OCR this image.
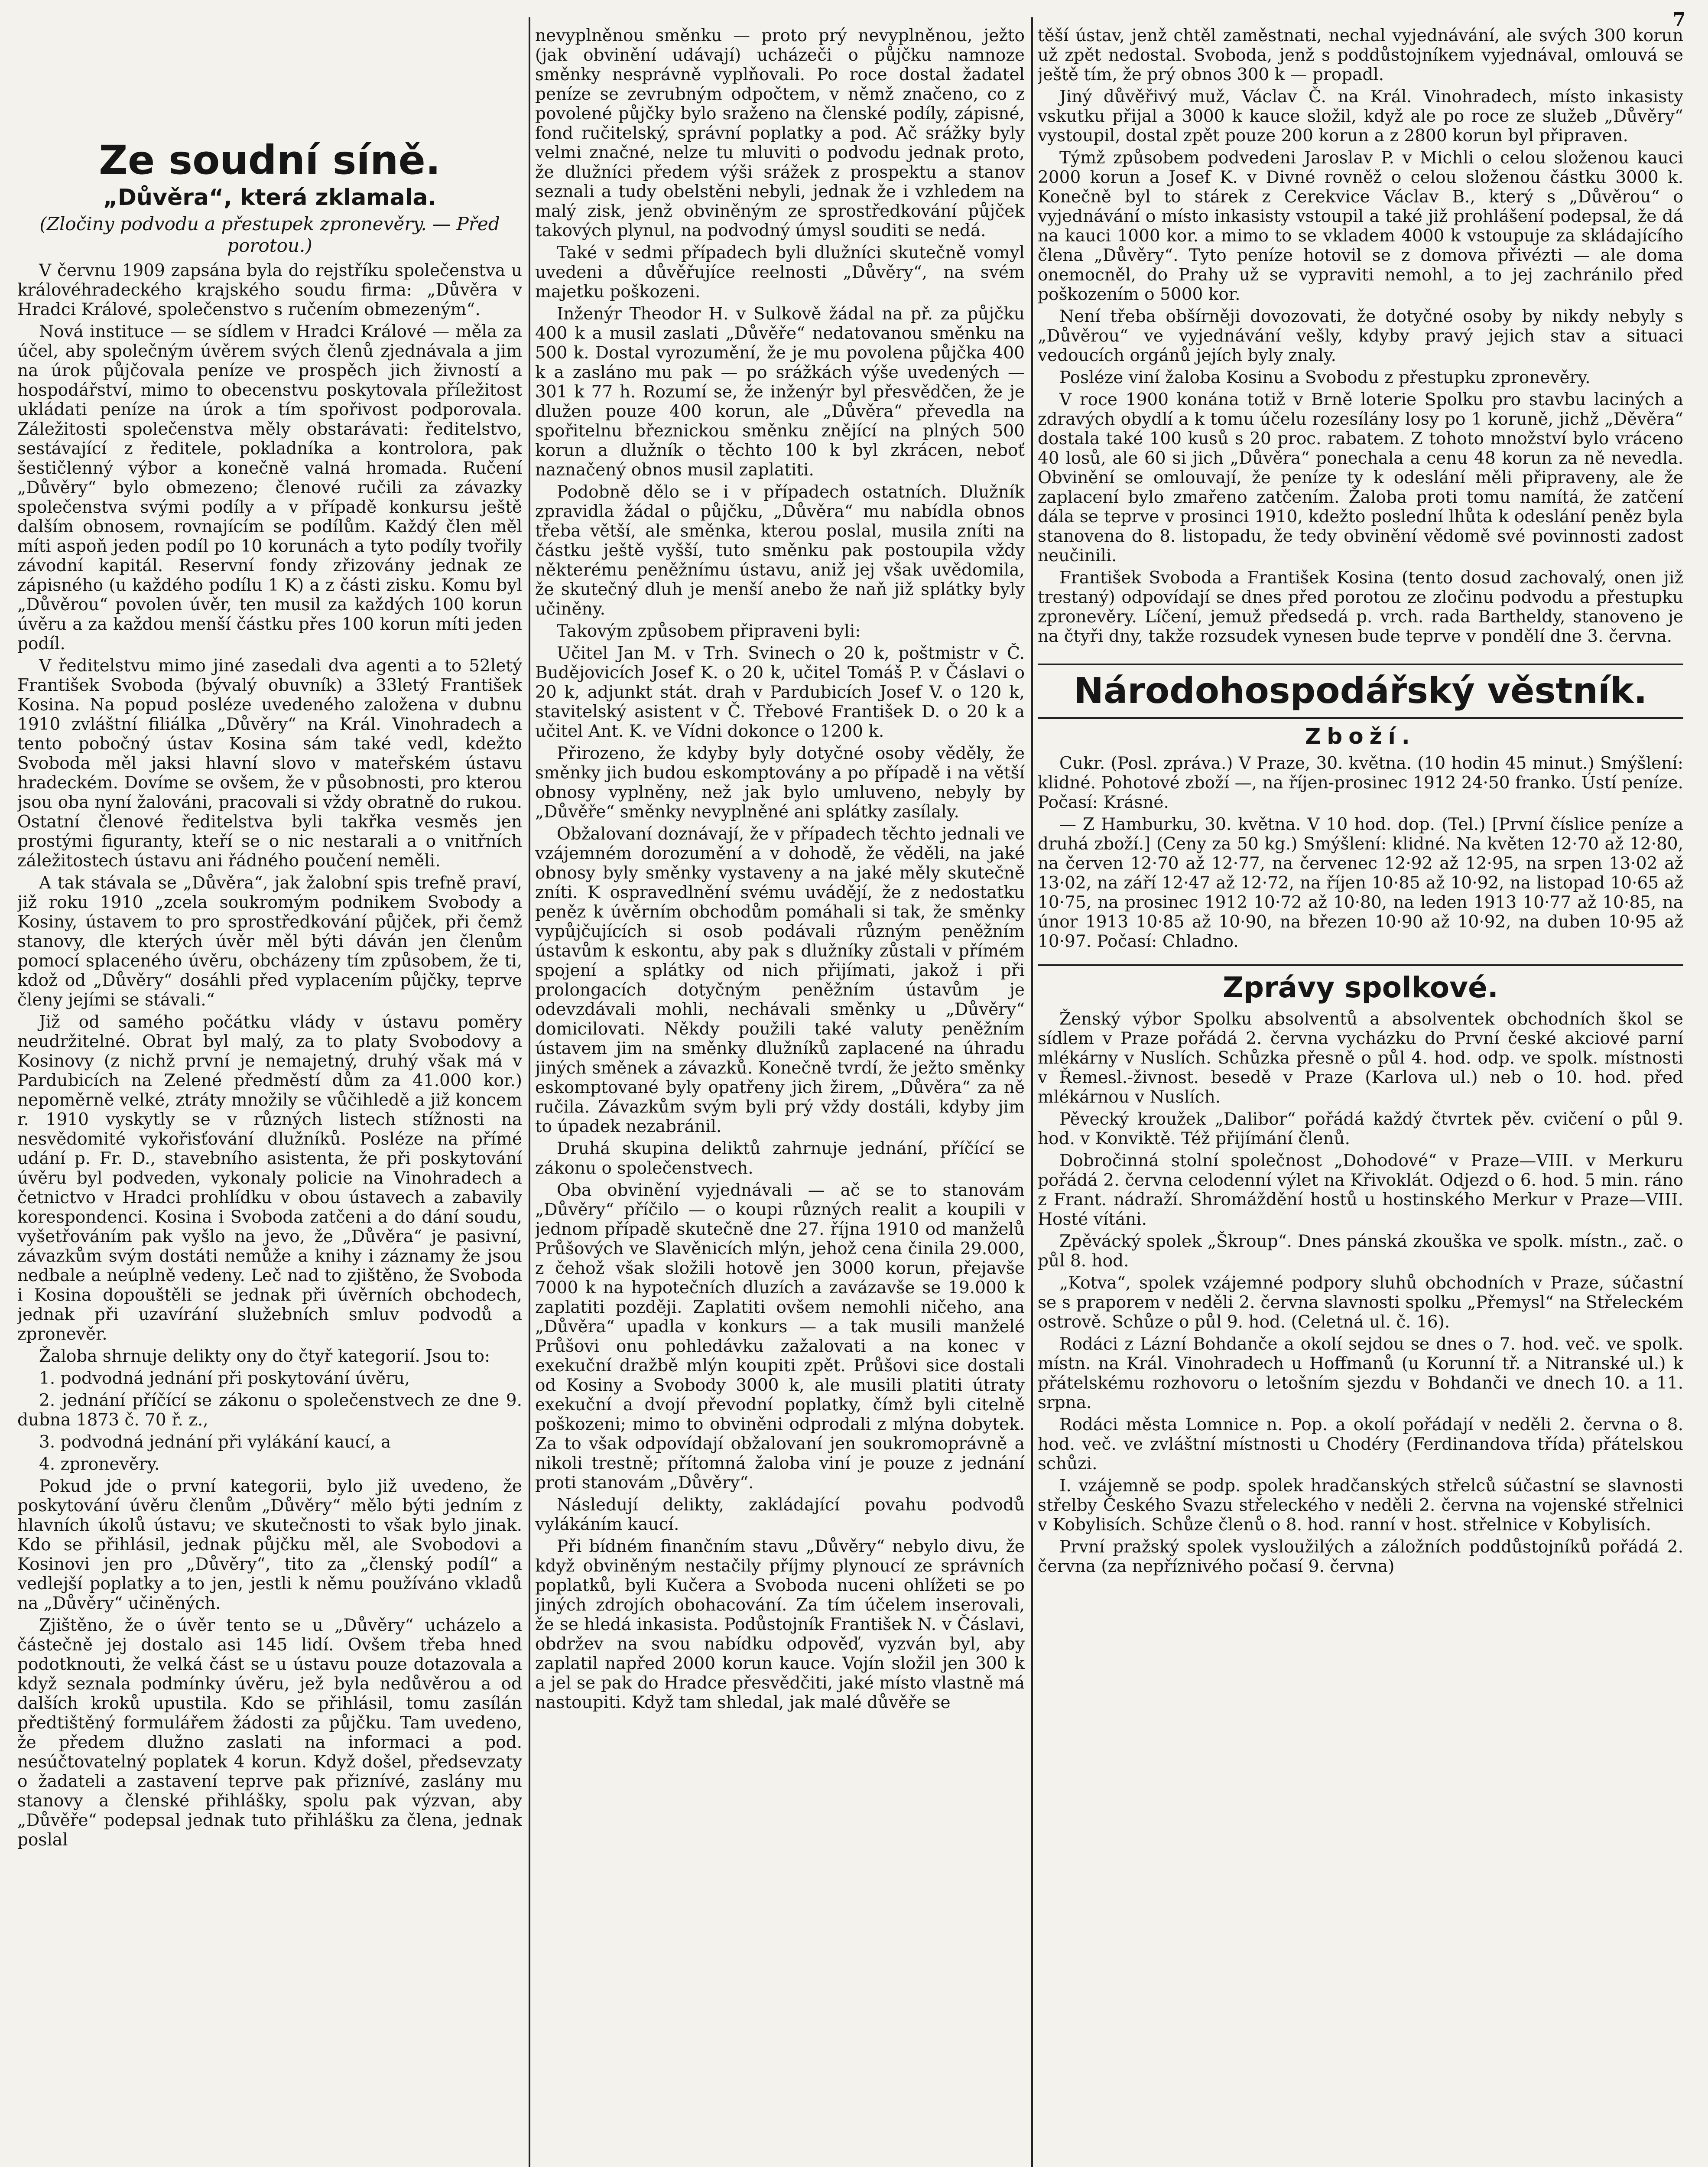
7
Ze soudní síně.
„Důvěra“, která zklamala.
(Zločiny podvodu a přestupek zpronevěry. — Před porotou.)

V červnu 1909 zapsána byla do rejstříku společenstva u královéhradeckého krajského soudu firma: „Důvěra v Hradci Králové, společenstvo s ručením obmezeným“.

Nová instituce — se sídlem v Hradci Králové — měla za účel, aby společným úvěrem svých členů zjednávala a jim na úrok půjčovala peníze ve prospěch jich živností a hospodářství, mimo to obecenstvu poskytovala příležitost ukládati peníze na úrok a tím spořivost podporovala. Záležitosti společenstva měly obstarávati: ředitelstvo, sestávající z ředitele, pokladníka a kontrolora, pak šestičlenný výbor a konečně valná hromada. Ručení „Důvěry“ bylo obmezeno; členové ručili za závazky společenstva svými podíly a v případě konkursu ještě dalším obnosem, rovnajícím se podílům. Každý člen měl míti aspoň jeden podíl po 10 korunách a tyto podíly tvořily závodní kapitál. Reservní fondy zřizovány jednak ze zápisného (u každého podílu 1 K) a z části zisku. Komu byl „Důvěrou“ povolen úvěr, ten musil za každých 100 korun úvěru a za každou menší částku přes 100 korun míti jeden podíl.

V ředitelstvu mimo jiné zasedali dva agenti a to 52letý František Svoboda (bývalý obuvník) a 33letý František Kosina. Na popud posléze uvedeného založena v dubnu 1910 zvláštní filiálka „Důvěry“ na Král. Vinohradech a tento pobočný ústav Kosina sám také vedl, kdežto Svoboda měl jaksi hlavní slovo v mateřském ústavu hradeckém. Dovímе se ovšem, že v působnosti, pro kterou jsou oba nyní žalováni, pracovali si vždy obratně do rukou. Ostatní členové ředitelstva byli takřka vesměs jen prostými figuranty, kteří se o nic nestarali a o vnitřních záležitostech ústavu ani řádného poučení neměli.

A tak stávala se „Důvěra“, jak žalobní spis trefně praví, již roku 1910 „zcela soukromým podnikem Svobody a Kosiny, ústavem to pro sprostředkování půjček, při čemž stanovy, dle kterých úvěr měl býti dáván jen členům pomocí splaceného úvěru, obcházeny tím způsobem, že ti, kdož od „Důvěry“ dosáhli před vyplacením půjčky, teprve členy jejími se stávali.“

Již od samého počátku vlády v ústavu poměry neudržitelné. Obrat byl malý, za to platy Svobodovy a Kosinovy (z nichž první je nemajetný, druhý však má v Pardubicích na Zelené předměstí dům za 41.000 kor.) nepoměrně velké, ztráty množily se vůčihledě a již koncem r. 1910 vyskytly se v různých listech stížnosti na nesvědomité vykořisťování dlužníků. Posléze na přímé udání p. Fr. D., stavebního asistenta, že při poskytování úvěru byl podveden, vykonaly policie na Vinohradech a četnictvo v Hradci prohlídku v obou ústavech a zabavily korespondenci. Kosina i Svoboda zatčeni a do dání soudu, vyšetřováním pak vyšlo na jevo, že „Důvěra“ je pasivní, závazkům svým dostáti nemůže a knihy i záznamy že jsou nedbale a neúplně vedeny. Leč nad to zjištěno, že Svoboda i Kosina dopouštěli se jednak při úvěrních obchodech, jednak při uzavírání služebních smluv podvodů a zpronevěr.

Žaloba shrnuje delikty ony do čtyř kategorií. Jsou to:

1. podvodná jednání při poskytování úvěru,

2. jednání příčící se zákonu o společenstvech ze dne 9. dubna 1873 č. 70 ř. z.,

3. podvodná jednání při vylákání kaucí, a

4. zpronevěry.

Pokud jde o první kategorii, bylo již uvedeno, že poskytování úvěru členům „Důvěry“ mělo býti jedním z hlavních úkolů ústavu; ve skutečnosti to však bylo jinak. Kdo se přihlásil, jednak půjčku měl, ale Svobodovi a Kosinovi jen pro „Důvěry“, tito za „členský podíl“ a vedlejší poplatky a to jen, jestli k němu používáno vkladů na „Důvěry“ učiněných.

Zjištěno, že o úvěr tento se u „Důvěry“ ucházelo a částečně jej dostalo asi 145 lidí. Ovšem třeba hned podotknouti, že velká část se u ústavu pouze dotazovala a když seznala podmínky úvěru, jež byla nedůvěrou a od dalších kroků upustila. Kdo se přihlásil, tomu zasílán předtištěný formulářem žádosti za půjčku. Tam uvedeno, že předem dlužno zaslati na informaci a pod. nesúčtovatelný poplatek 4 korun. Když došel, předsevzaty o žadateli a zastavení teprve pak přiznívé, zaslány mu stanovy a členské přihlášky, spolu pak výzvan, aby „Důvěře“ podepsal jednak tuto přihlášku za člena, jednak poslal

nevyplněnou směnku — proto prý nevyplněnou, ježto (jak obvinění udávají) ucházeči o půjčku namnoze směnky nesprávně vyplňovali. Po roce dostal žadatel peníze se zevrubným odpočtem, v němž značeno, co z povolené půjčky bylo sraženo na členské podíly, zápisné, fond ručitelský, správní poplatky a pod. Ač srážky byly velmi značné, nelze tu mluviti o podvodu jednak proto, že dlužníci předem výši srážek z prospektu a stanov seznali a tudy obelstěni nebyli, jednak že i vzhledem na malý zisk, jenž obviněným ze sprostředkování půjček takových plynul, na podvodný úmysl souditi se nedá.

Také v sedmi případech byli dlužníci skutečně vomyl uvedeni a důvěřujíce reelnosti „Důvěry“, na svém majetku poškozeni.

Inženýr Theodor H. v Sulkově žádal na př. za půjčku 400 k a musil zaslati „Důvěře“ nedatovanou směnku na 500 k. Dostal vyrozumění, že je mu povolena půjčka 400 k a zasláno mu pak — po srážkách výše uvedených — 301 k 77 h. Rozumí se, že inženýr byl přesvědčen, že je dlužen pouze 400 korun, ale „Důvěra“ převedla na spořitelnu březnickou směnku znějící na plných 500 korun a dlužník o těchto 100 k byl zkrácen, neboť naznačený obnos musil zaplatiti.

Podobně dělo se i v případech ostatních. Dlužník zpravidla žádal o půjčku, „Důvěra“ mu nabídla obnos třeba větší, ale směnka, kterou poslal, musila zníti na částku ještě vyšší, tuto směnku pak postoupila vždy některému peněžnímu ústavu, aniž jej však uvědomila, že skutečný dluh je menší anebo že naň již splátky byly učiněny.

Takovým způsobem připraveni byli:

Učitel Jan M. v Trh. Svinech o 20 k, poštmistr v Č. Budějovicích Josef K. o 20 k, učitel Tomáš P. v Čáslavi o 20 k, adjunkt stát. drah v Pardubicích Josef V. o 120 k, stavitelský asistent v Č. Třebové František D. o 20 k a učitel Ant. K. ve Vídni dokonce o 1200 k.

Přirozeno, že kdyby byly dotyčné osoby věděly, že směnky jich budou eskomptovány a po případě i na větší obnosy vyplněny, než jak bylo umluveno, nebyly by „Důvěře“ směnky nevyplněné ani splátky zasílaly.

Obžalovaní doznávají, že v případech těchto jednali ve vzájemném dorozumění a v dohodě, že věděli, na jaké obnosy byly směnky vystaveny a na jaké měly skutečně zníti. K ospravedlnění svému uvádějí, že z nedostatku peněz k úvěrním obchodům pomáhali si tak, že směnky vypůjčujících si osob podávali různým peněžním ústavům k eskontu, aby pak s dlužníky zůstali v přímém spojení a splátky od nich přijímati, jakož i při prolongacích dotyčným peněžním ústavům je odevzdávali mohli, nechávali směnky u „Důvěry“ domicilovati. Někdy použili také valuty peněžním ústavem jim na směnky dlužníků zaplacené na úhradu jiných směnek a závazků. Konečně tvrdí, že ježto směnky eskomptované byly opatřeny jich žirem, „Důvěra“ za ně ručila. Závazkům svým byli prý vždy dostáli, kdyby jim to úpadek nezabránil.

Druhá skupina deliktů zahrnuje jednání, příčící se zákonu o společenstvech.

Oba obvinění vyjednávali — ač se to stanovám „Důvěry“ příčilo — o koupi různých realit a koupili v jednom případě skutečně dne 27. října 1910 od manželů Průšových ve Slavěnicích mlýn, jehož cena činila 29.000, z čehož však složili hotově jen 3000 korun, přejavše 7000 k na hypotečních dluzích a zavázavše se 19.000 k zaplatiti později. Zaplatiti ovšem nemohli ničeho, ana „Důvěra“ upadla v konkurs — a tak musili manželé Průšovi onu pohledávku zažalovati a na konec v exekuční dražbě mlýn koupiti zpět. Průšovi sice dostali od Kosiny a Svobody 3000 k, ale musili platiti útraty exekuční a dvojí převodní poplatky, čímž byli citelně poškozeni; mimo to obviněni odprodali z mlýna dobytek. Za to však odpovídají obžalovaní jen soukromoprávně a nikoli trestně; přítomná žaloba viní je pouze z jednání proti stanovám „Důvěry“.

Následují delikty, zakládající povahu podvodů vylákáním kaucí.

Při bídném finančním stavu „Důvěry“ nebylo divu, že když obviněným nestačily příjmy plynoucí ze správních poplatků, byli Kučera a Svoboda nuceni ohlížeti se po jiných zdrojích obohacování. Za tím účelem inserovali, že se hledá inkasista. Podůstojník František N. v Čáslavi, obdržev na svou nabídku odpověď, vyzván byl, aby zaplatil napřed 2000 korun kauce. Vojín složil jen 300 k a jel se pak do Hradce přesvědčiti, jaké místo vlastně má nastoupiti. Když tam shledal, jak malé důvěře se

těší ústav, jenž chtěl zaměstnati, nechal vyjednávání, ale svých 300 korun už zpět nedostal. Svoboda, jenž s poddůstojníkem vyjednával, omlouvá se ještě tím, že prý obnos 300 k — propadl.

Jiný důvěřivý muž, Václav Č. na Král. Vinohradech, místo inkasisty vskutku přijal a 3000 k kauce složil, když ale po roce ze služeb „Důvěry“ vystoupil, dostal zpět pouze 200 korun a z 2800 korun byl připraven.

Týmž způsobem podvedeni Jaroslav P. v Michli o celou složenou kauci 2000 korun a Josef K. v Divné rovněž o celou složenou částku 3000 k. Konečně byl to stárek z Cerekvice Václav B., který s „Důvěrou“ o vyjednávání o místo inkasisty vstoupil a také již prohlášení podepsal, že dá na kauci 1000 kor. a mimo to se vkladem 4000 k vstoupuje za skládajícího člena „Důvěry“. Tyto peníze hotovil se z domova přivézti — ale doma onemocněl, do Prahy už se vypraviti nemohl, a to jej zachránilo před poškozením o 5000 kor.

Není třeba obšírněji dovozovati, že dotyčné osoby by nikdy nebyly s „Důvěrou“ ve vyjednávání vešly, kdyby pravý jejich stav a situaci vedoucích orgánů jejích byly znaly.

Posléze viní žaloba Kosinu a Svobodu z přestupku zpronevěry.

V roce 1900 konána totiž v Brně loterie Spolku pro stavbu laciných a zdravých obydlí a k tomu účelu rozesílány losy po 1 koruně, jichž „Děvěra“ dostala také 100 kusů s 20 proc. rabatem. Z tohoto množství bylo vráceno 40 losů, ale 60 si jich „Důvěra“ ponechala a cenu 48 korun za ně nevedla. Obvinění se omlouvají, že peníze ty k odeslání měli připraveny, ale že zaplacení bylo zmařeno zatčením. Žaloba proti tomu namítá, že zatčení dála se teprve v prosinci 1910, kdežto poslední lhůta k odeslání peněz byla stanovena do 8. listopadu, že tedy obvinění vědomě své povinnosti zadost neučinili.

František Svoboda a František Kosina (tento dosud zachovalý, onen již trestaný) odpovídají se dnes před porotou ze zločinu podvodu a přestupku zpronevěry. Líčení, jemuž předsedá p. vrch. rada Bartheldy, stanoveno je na čtyři dny, takže rozsudek vynesen bude teprve v pondělí dne 3. června.

Národohospodářský věstník.
Zboží.

Cukr. (Posl. zpráva.) V Praze, 30. května. (10 hodin 45 minut.) Smýšlení: klidné. Pohotové zboží —, na říjen-prosinec 1912 24·50 franko. Ústí peníze. Počasí: Krásné.

— Z Hamburku, 30. května. V 10 hod. dop. (Tel.) [První číslice peníze a druhá zboží.] (Ceny za 50 kg.) Smýšlení: klidné. Na květen 12·70 až 12·80, na červen 12·70 až 12·77, na červenec 12·92 až 12·95, na srpen 13·02 až 13·02, na září 12·47 až 12·72, na říjen 10·85 až 10·92, na listopad 10·65 až 10·75, na prosinec 1912 10·72 až 10·80, na leden 1913 10·77 až 10·85, na únor 1913 10·85 až 10·90, na březen 10·90 až 10·92, na duben 10·95 až 10·97. Počasí: Chladno.

Zprávy spolkové.

Ženský výbor Spolku absolventů a absolventek obchodních škol se sídlem v Praze pořádá 2. června vycházku do První české akciové parní mlékárny v Nuslích. Schůzka přesně o půl 4. hod. odp. ve spolk. místnosti v Řemesl.-živnost. besedě v Praze (Karlova ul.) neb o 10. hod. před mlékárnou v Nuslích.

Pěvecký kroužek „Dalibor“ pořádá každý čtvrtek pěv. cvičení o půl 9. hod. v Konviktě. Též přijímání členů.

Dobročinná stolní společnost „Dohodové“ v Praze—VIII. v Merkuru pořádá 2. června celodenní výlet na Křivoklát. Odjezd o 6. hod. 5 min. ráno z Frant. nádraží. Shromáždění hostů u hostinského Merkur v Praze—VIII. Hosté vítáni.

Zpěvácký spolek „Škroup“. Dnes pánská zkouška ve spolk. místn., zač. o půl 8. hod.

„Kotva“, spolek vzájemné podpory sluhů obchodních v Praze, súčastní se s praporem v neděli 2. června slavnosti spolku „Přemysl“ na Střeleckém ostrově. Schůze o půl 9. hod. (Celetná ul. č. 16).

Rodáci z Lázní Bohdanče a okolí sejdou se dnes o 7. hod. več. ve spolk. místn. na Král. Vinohradech u Hoffmanů (u Korunní tř. a Nitranské ul.) k přátelskému rozhovoru o letošním sjezdu v Bohdanči ve dnech 10. a 11. srpna.

Rodáci města Lomnice n. Pop. a okolí pořádají v neděli 2. června o 8. hod. več. ve zvláštní místnosti u Chodéry (Ferdinandova třída) přátelskou schůzi.

I. vzájemně se podp. spolek hradčanských střelců súčastní se slavnosti střelby Českého Svazu střeleckého v neděli 2. června na vojenské střelnici v Kobylisích. Schůze členů o 8. hod. ranní v host. střelnice v Kobylisích.

První pražský spolek vysloužilých a záložních poddůstojníků pořádá 2. června (za nepříznivého počasí 9. června)
